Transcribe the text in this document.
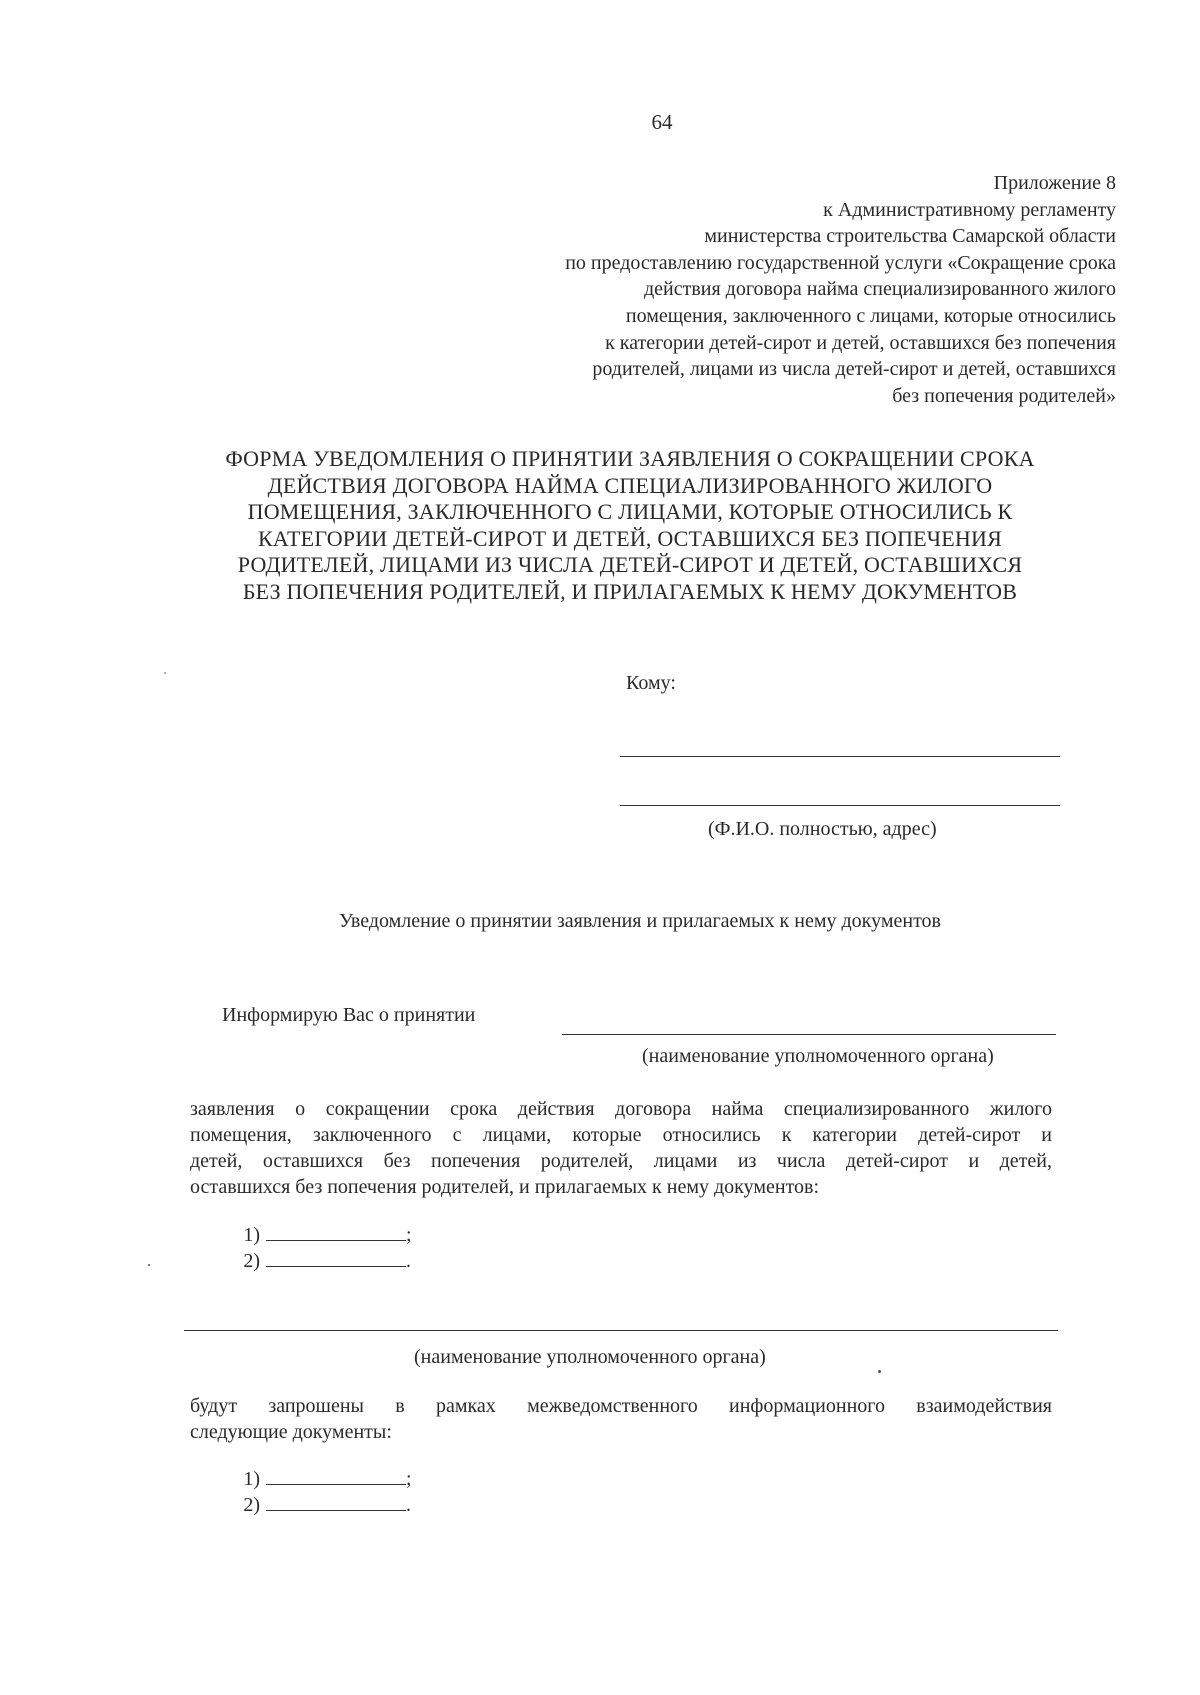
64
Приложение 8
к Административному регламенту
министерства строительства Самарской области
по предоставлению государственной услуги «Сокращение срока
действия договора найма специализированного жилого
помещения, заключенного с лицами, которые относились
к категории детей-сирот и детей, оставшихся без попечения
родителей, лицами из числа детей-сирот и детей, оставшихся
без попечения родителей»
ФОРМА УВЕДОМЛЕНИЯ О ПРИНЯТИИ ЗАЯВЛЕНИЯ О СОКРАЩЕНИИ СРОКА
ДЕЙСТВИЯ ДОГОВОРА НАЙМА СПЕЦИАЛИЗИРОВАННОГО ЖИЛОГО
ПОМЕЩЕНИЯ, ЗАКЛЮЧЕННОГО С ЛИЦАМИ, КОТОРЫЕ ОТНОСИЛИСЬ К
КАТЕГОРИИ ДЕТЕЙ-СИРОТ И ДЕТЕЙ, ОСТАВШИХСЯ БЕЗ ПОПЕЧЕНИЯ
РОДИТЕЛЕЙ, ЛИЦАМИ ИЗ ЧИСЛА ДЕТЕЙ-СИРОТ И ДЕТЕЙ, ОСТАВШИХСЯ
БЕЗ ПОПЕЧЕНИЯ РОДИТЕЛЕЙ, И ПРИЛАГАЕМЫХ К НЕМУ ДОКУМЕНТОВ
Кому:
(Ф.И.О. полностью, адрес)
Уведомление о принятии заявления и прилагаемых к нему документов
Информирую Вас о принятии
(наименование уполномоченного органа)
заявления о сокращении срока действия договора найма специализированного жилого
помещения, заключенного с лицами, которые относились к категории детей-сирот и
детей, оставшихся без попечения родителей, лицами из числа детей-сирот и детей,
оставшихся без попечения родителей, и прилагаемых к нему документов:
1)	;
2)	.
(наименование уполномоченного органа)
будут запрошены в рамках межведомственного информационного взаимодействия
следующие документы:
1)	;
2)	.
